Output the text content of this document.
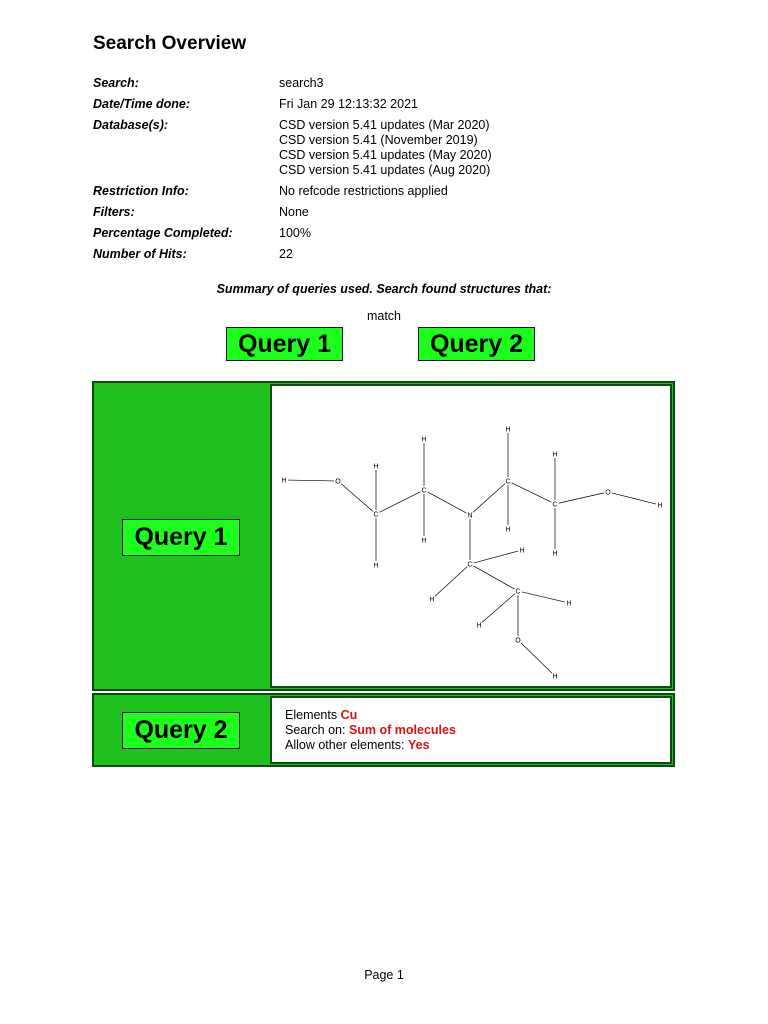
Search Overview
Search:	search3
Date/Time done:	Fri Jan 29 12:13:32 2021
Database(s):	CSD version 5.41 updates (Mar 2020)
CSD version 5.41 (November 2019)
CSD version 5.41 updates (May 2020)
CSD version 5.41 updates (Aug 2020)
Restriction Info:	No refcode restrictions applied
Filters:	None
Percentage Completed:	100%
Number of Hits:	22
Summary of queries used. Search found structures that:
match
Query 1	Query 2
Query 1
H	O
C
H
H
C
H
H
N
C
H
H
C
H
H
O
H
C
H
H
C
H
H
O
H
Query 2
Elements Cu
Search on: Sum of molecules
Allow other elements: Yes
Page 1
